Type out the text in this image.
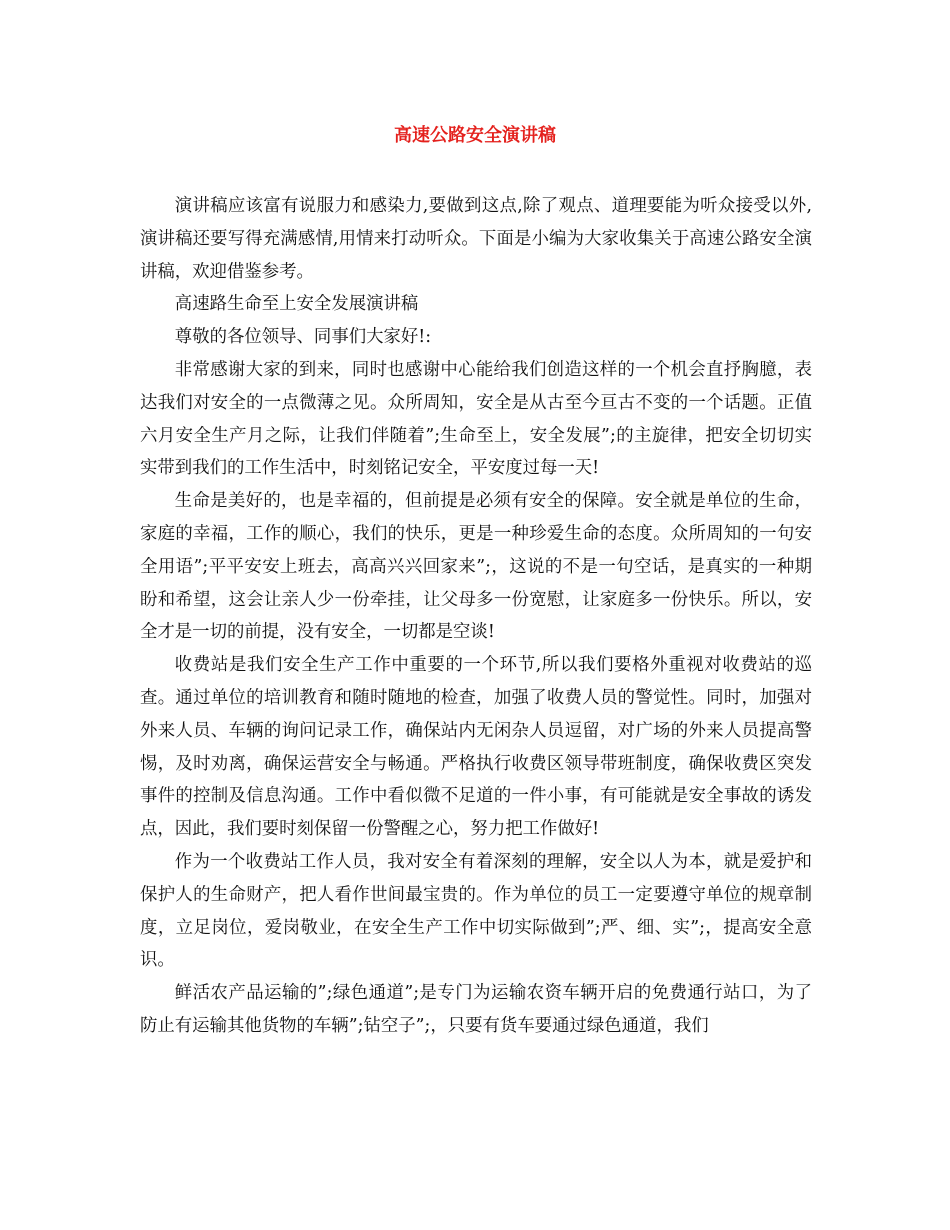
高速公路安全演讲稿

演讲稿应该富有说服力和感染力,要做到这点,除了观点、道理要能为听众接受以外,演讲稿还要写得充满感情,用情来打动听众。下面是小编为大家收集关于高速公路安全演讲稿，欢迎借鉴参考。

高速路生命至上安全发展演讲稿

尊敬的各位领导、同事们大家好!:

非常感谢大家的到来，同时也感谢中心能给我们创造这样的一个机会直抒胸臆，表达我们对安全的一点微薄之见。众所周知，安全是从古至今亘古不变的一个话题。正值六月安全生产月之际，让我们伴随着”;生命至上，安全发展”;的主旋律，把安全切切实实带到我们的工作生活中，时刻铭记安全，平安度过每一天!

生命是美好的，也是幸福的，但前提是必须有安全的保障。安全就是单位的生命，家庭的幸福，工作的顺心，我们的快乐，更是一种珍爱生命的态度。众所周知的一句安全用语”;平平安安上班去，高高兴兴回家来”;，这说的不是一句空话，是真实的一种期盼和希望，这会让亲人少一份牵挂，让父母多一份宽慰，让家庭多一份快乐。所以，安全才是一切的前提，没有安全，一切都是空谈!

收费站是我们安全生产工作中重要的一个环节,所以我们要格外重视对收费站的巡查。通过单位的培训教育和随时随地的检查，加强了收费人员的警觉性。同时，加强对外来人员、车辆的询问记录工作，确保站内无闲杂人员逗留，对广场的外来人员提高警惕，及时劝离，确保运营安全与畅通。严格执行收费区领导带班制度，确保收费区突发事件的控制及信息沟通。工作中看似微不足道的一件小事，有可能就是安全事故的诱发点，因此，我们要时刻保留一份警醒之心，努力把工作做好!

作为一个收费站工作人员，我对安全有着深刻的理解，安全以人为本，就是爱护和保护人的生命财产，把人看作世间最宝贵的。作为单位的员工一定要遵守单位的规章制度，立足岗位，爱岗敬业，在安全生产工作中切实际做到”;严、细、实”;，提高安全意识。

鲜活农产品运输的”;绿色通道”;是专门为运输农资车辆开启的免费通行站口，为了防止有运输其他货物的车辆”;钻空子”;，只要有货车要通过绿色通道，我们
